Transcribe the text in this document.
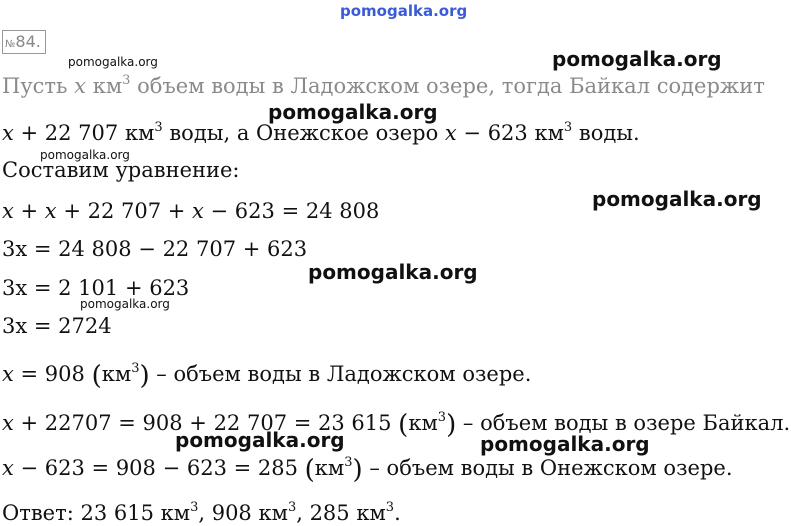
pomogalka.org
pomogalka.org	pomogalka.org
pomogalka.org
pomogalka.org
pomogalka.org
pomogalka.org
pomogalka.org
pomogalka.org	pomogalka.org
№84.
Пусть x $км^3$ объем воды в Ладожском озере, тогда Байкал содержит
x + 22 707 $км^3$ воды, а Онежское озеро x − 623 $км^3$ воды.
Составим уравнение:
x + x + 22 707 + x − 623 = 24 808
3x = 24 808 − 22 707 + 623
3x = 2 101 + 623
3x = 2724
x = 908 $(км^3)$ – объем воды в Ладожском озере.
x + 22707 = 908 + 22 707 = 23 615 $(км^3)$ – объем воды в озере Байкал.
x − 623 = 908 − 623 = 285 $(км^3)$ – объем воды в Онежском озере.
Ответ: 23 615 $км^3$, 908 $км^3$, 285 $км^3$.
